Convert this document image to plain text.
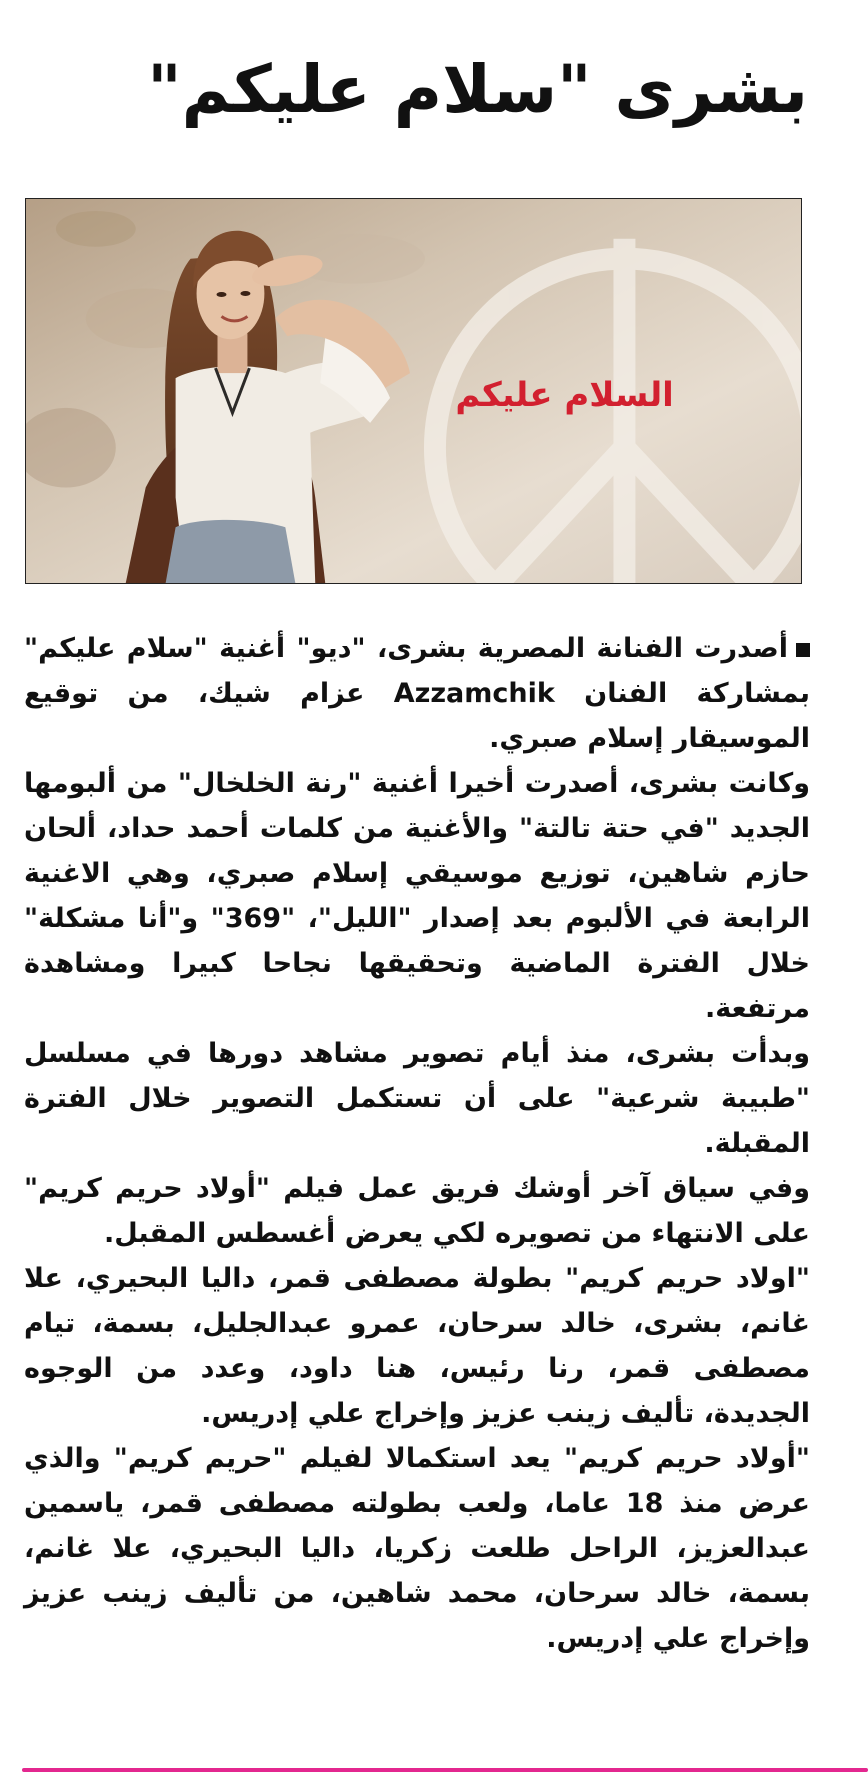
بشرى "سلام عليكم"
السلام عليكم

أصدرت الفنانة المصرية بشرى، "ديو" أغنية "سلام عليكم" بمشاركة الفنان Azzamchik عزام شيك، من توقيع الموسيقار إسلام صبري.

وكانت بشرى، أصدرت أخيرا أغنية "رنة الخلخال" من ألبومها الجديد "في حتة تالتة" والأغنية من كلمات أحمد حداد، ألحان حازم شاهين، توزيع موسيقي إسلام صبري، وهي الاغنية الرابعة في الألبوم بعد إصدار "الليل"، "369" و"أنا مشكلة" خلال الفترة الماضية وتحقيقها نجاحا كبيرا ومشاهدة مرتفعة.

وبدأت بشرى، منذ أيام تصوير مشاهد دورها في مسلسل "طبيبة شرعية" على أن تستكمل التصوير خلال الفترة المقبلة.

وفي سياق آخر أوشك فريق عمل فيلم "أولاد حريم كريم" على الانتهاء من تصويره لكي يعرض أغسطس المقبل.

"اولاد حريم كريم" بطولة مصطفى قمر، داليا البحيري، علا غانم، بشرى، خالد سرحان، عمرو عبدالجليل، بسمة، تيام مصطفى قمر، رنا رئيس، هنا داود، وعدد من الوجوه الجديدة، تأليف زينب عزيز وإخراج علي إدريس.

"أولاد حريم كريم" يعد استكمالا لفيلم "حريم كريم" والذي عرض منذ 18 عاما، ولعب بطولته مصطفى قمر، ياسمين عبدالعزيز، الراحل طلعت زكريا، داليا البحيري، علا غانم، بسمة، خالد سرحان، محمد شاهين، من تأليف زينب عزيز وإخراج علي إدريس.
